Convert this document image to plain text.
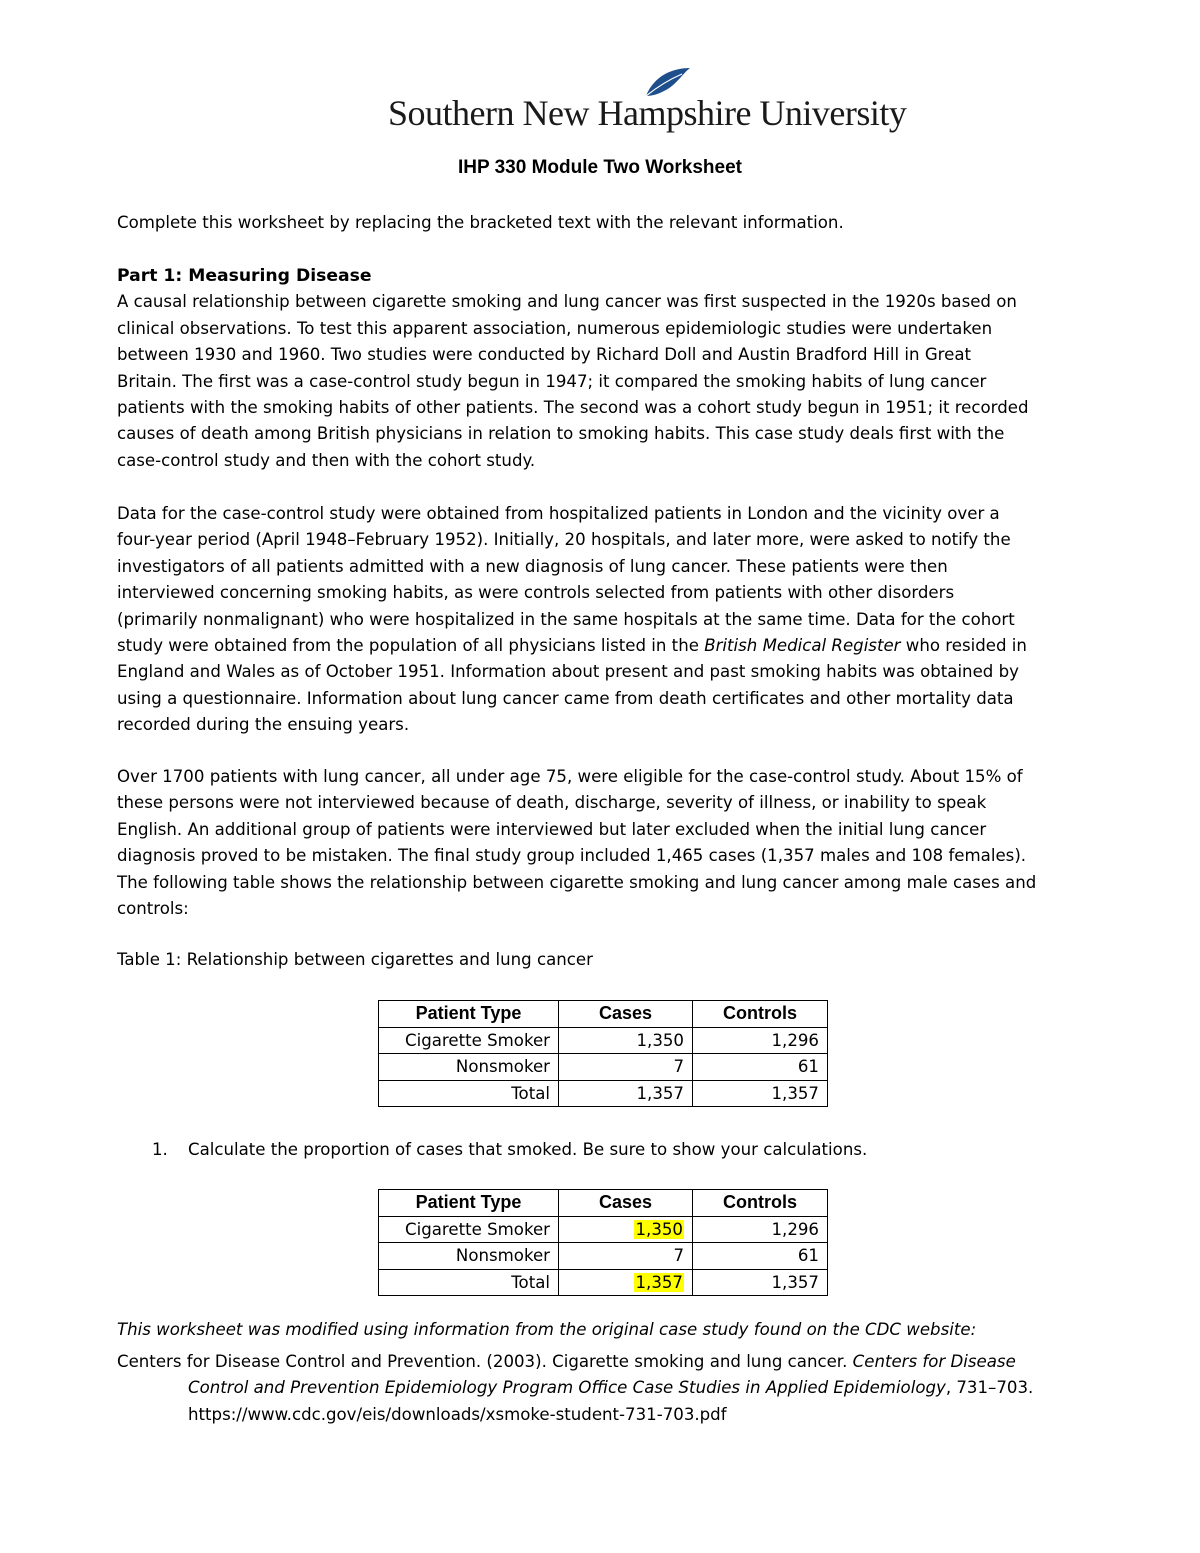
Southern New Hampshire University
IHP 330 Module Two Worksheet
Complete this worksheet by replacing the bracketed text with the relevant information.
Part 1: Measuring Disease
A causal relationship between cigarette smoking and lung cancer was first suspected in the 1920s based on
clinical observations. To test this apparent association, numerous epidemiologic studies were undertaken
between 1930 and 1960. Two studies were conducted by Richard Doll and Austin Bradford Hill in Great
Britain. The first was a case-control study begun in 1947; it compared the smoking habits of lung cancer
patients with the smoking habits of other patients. The second was a cohort study begun in 1951; it recorded
causes of death among British physicians in relation to smoking habits. This case study deals first with the
case-control study and then with the cohort study.
Data for the case-control study were obtained from hospitalized patients in London and the vicinity over a
four-year period (April 1948–February 1952). Initially, 20 hospitals, and later more, were asked to notify the
investigators of all patients admitted with a new diagnosis of lung cancer. These patients were then
interviewed concerning smoking habits, as were controls selected from patients with other disorders
(primarily nonmalignant) who were hospitalized in the same hospitals at the same time. Data for the cohort
study were obtained from the population of all physicians listed in the British Medical Register who resided in
England and Wales as of October 1951. Information about present and past smoking habits was obtained by
using a questionnaire. Information about lung cancer came from death certificates and other mortality data
recorded during the ensuing years.
Over 1700 patients with lung cancer, all under age 75, were eligible for the case-control study. About 15% of
these persons were not interviewed because of death, discharge, severity of illness, or inability to speak
English. An additional group of patients were interviewed but later excluded when the initial lung cancer
diagnosis proved to be mistaken. The final study group included 1,465 cases (1,357 males and 108 females).
The following table shows the relationship between cigarette smoking and lung cancer among male cases and
controls:
Table 1: Relationship between cigarettes and lung cancer
Patient Type	Cases	Controls
Cigarette Smoker	1,350	1,296
Nonsmoker	7	61
Total	1,357	1,357
1. Calculate the proportion of cases that smoked. Be sure to show your calculations.
Patient Type	Cases	Controls
Cigarette Smoker	1,350	1,296
Nonsmoker	7	61
Total	1,357	1,357
This worksheet was modified using information from the original case study found on the CDC website:
Centers for Disease Control and Prevention. (2003). Cigarette smoking and lung cancer. Centers for Disease
Control and Prevention Epidemiology Program Office Case Studies in Applied Epidemiology, 731–703.
https://www.cdc.gov/eis/downloads/xsmoke-student-731-703.pdf
